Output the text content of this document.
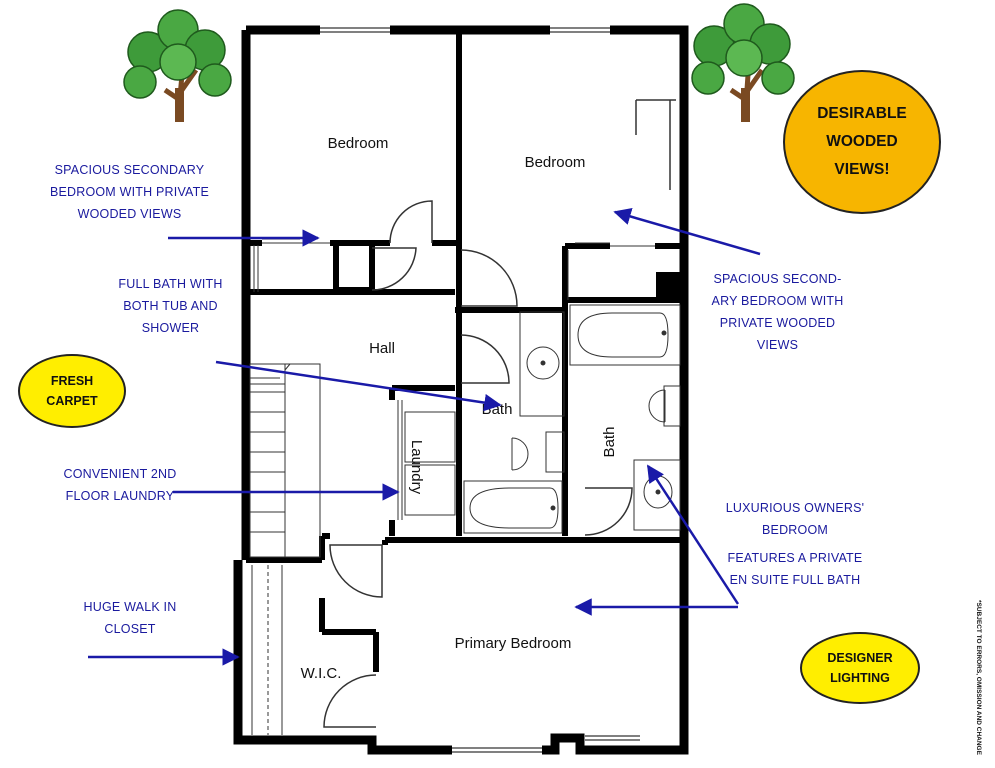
Bedroom
Bedroom
Hall
Bath
Bath
Laundry
Primary Bedroom
W.I.C.
SPACIOUS SECONDARY
BEDROOM WITH PRIVATE
WOODED VIEWS
FULL BATH WITH
BOTH TUB AND
SHOWER
CONVENIENT 2ND
FLOOR LAUNDRY
HUGE WALK IN
CLOSET
SPACIOUS SECOND-
ARY BEDROOM WITH
PRIVATE WOODED
VIEWS
LUXURIOUS OWNERS'
BEDROOM
FEATURES A PRIVATE
EN SUITE FULL BATH
DESIRABLE
WOODED
VIEWS!
FRESH
CARPET
DESIGNER
LIGHTING	*SUBJECT TO ERRORS, OMISSION AND CHANGE
